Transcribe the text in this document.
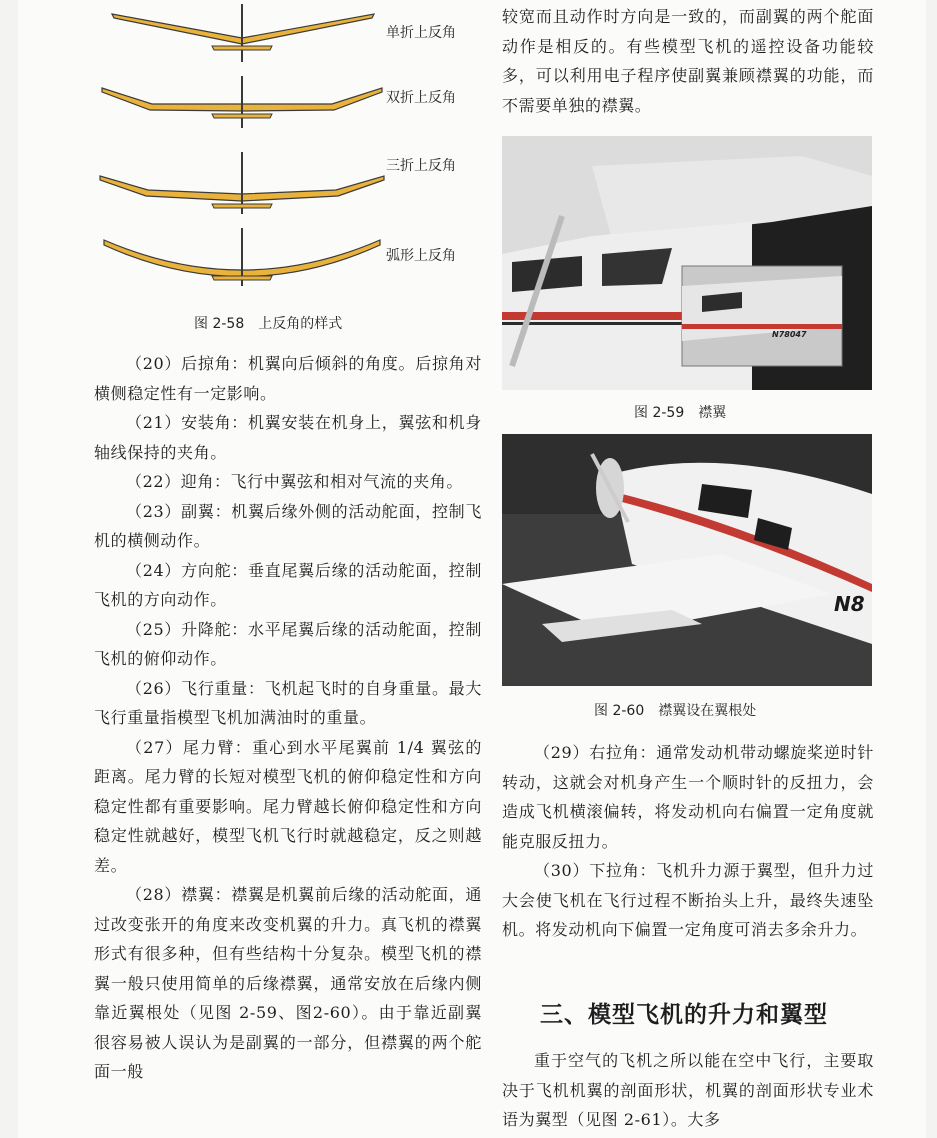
单折上反角
双折上反角
三折上反角
弧形上反角
图 2-58　上反角的样式

（20）后掠角：机翼向后倾斜的角度。后掠角对横侧稳定性有一定影响。

（21）安装角：机翼安装在机身上，翼弦和机身轴线保持的夹角。

（22）迎角：飞行中翼弦和相对气流的夹角。

（23）副翼：机翼后缘外侧的活动舵面，控制飞机的横侧动作。

（24）方向舵：垂直尾翼后缘的活动舵面，控制飞机的方向动作。

（25）升降舵：水平尾翼后缘的活动舵面，控制飞机的俯仰动作。

（26）飞行重量：飞机起飞时的自身重量。最大飞行重量指模型飞机加满油时的重量。

（27）尾力臂：重心到水平尾翼前 1/4 翼弦的距离。尾力臂的长短对模型飞机的俯仰稳定性和方向稳定性都有重要影响。尾力臂越长俯仰稳定性和方向稳定性就越好，模型飞机飞行时就越稳定，反之则越差。

（28）襟翼：襟翼是机翼前后缘的活动舵面，通过改变张开的角度来改变机翼的升力。真飞机的襟翼形式有很多种，但有些结构十分复杂。模型飞机的襟翼一般只使用简单的后缘襟翼，通常安放在后缘内侧靠近翼根处（见图 2-59、图2-60）。由于靠近副翼很容易被人误认为是副翼的一部分，但襟翼的两个舵面一般

较宽而且动作时方向是一致的，而副翼的两个舵面动作是相反的。有些模型飞机的遥控设备功能较多，可以利用电子程序使副翼兼顾襟翼的功能，而不需要单独的襟翼。

N78047
图 2-59　襟翼
N8
图 2-60　襟翼设在翼根处

（29）右拉角：通常发动机带动螺旋桨逆时针转动，这就会对机身产生一个顺时针的反扭力，会造成飞机横滚偏转，将发动机向右偏置一定角度就能克服反扭力。

（30）下拉角：飞机升力源于翼型，但升力过大会使飞机在飞行过程不断抬头上升，最终失速坠机。将发动机向下偏置一定角度可消去多余升力。

三、模型飞机的升力和翼型

重于空气的飞机之所以能在空中飞行，主要取决于飞机机翼的剖面形状，机翼的剖面形状专业术语为翼型（见图 2-61）。大多
